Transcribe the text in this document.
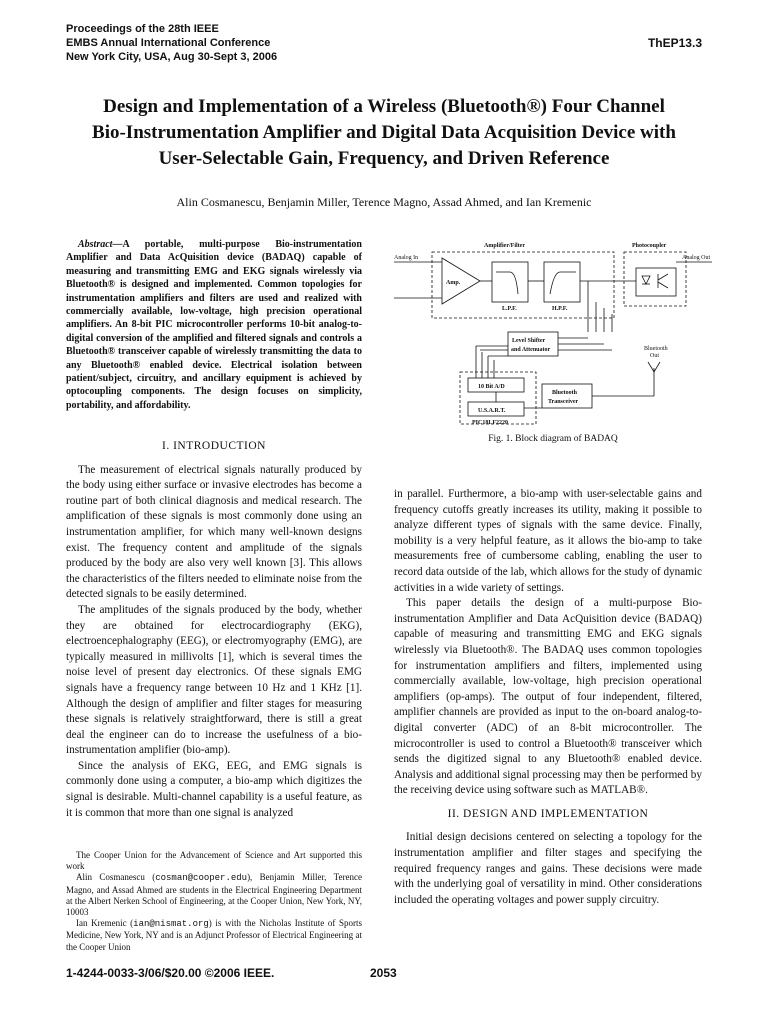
Proceedings of the 28th IEEE
EMBS Annual International Conference
New York City, USA, Aug 30-Sept 3, 2006
ThEP13.3
Design and Implementation of a Wireless (Bluetooth®) Four Channel
Bio-Instrumentation Amplifier and Digital Data Acquisition Device with
User-Selectable Gain, Frequency, and Driven Reference
Alin Cosmanescu, Benjamin Miller, Terence Magno, Assad Ahmed, and Ian Kremenic
Abstract—A portable, multi-purpose Bio-instrumentation Amplifier and Data AcQuisition device (BADAQ) capable of measuring and transmitting EMG and EKG signals wirelessly via Bluetooth® is designed and implemented. Common topologies for instrumentation amplifiers and filters are used and realized with commercially available, low-voltage, high precision operational amplifiers. An 8-bit PIC microcontroller performs 10-bit analog-to-digital conversion of the amplified and filtered signals and controls a Bluetooth® transceiver capable of wirelessly transmitting the data to any Bluetooth® enabled device. Electrical isolation between patient/subject, circuitry, and ancillary equipment is achieved by optocoupling components. The design focuses on simplicity, portability, and affordability.
Amplifier/Filter	Photocoupler
Analog In	Analog Out
Amp.
L.P.F.	H.P.F.
Level Shifter
and Attenuator
10 Bit A/D
U.S.A.R.T.
PIC18LF2220
Bluetooth
Transceiver
Bluetooth
Out
Fig. 1. Block diagram of BADAQ
I. INTRODUCTION

The measurement of electrical signals naturally produced by the body using either surface or invasive electrodes has become a routine part of both clinical diagnosis and medical research. The amplification of these signals is most commonly done using an instrumentation amplifier, for which many well-known designs exist. The frequency content and amplitude of the signals produced by the body are also very well known [3]. This allows the characteristics of the filters needed to eliminate noise from the detected signals to be easily determined.

The amplitudes of the signals produced by the body, whether they are obtained for electrocardiography (EKG), electroencephalography (EEG), or electromyography (EMG), are typically measured in millivolts [1], which is several times the noise level of present day electronics. Of these signals EMG signals have a frequency range between 10 Hz and 1 KHz [1]. Although the design of amplifier and filter stages for measuring these signals is relatively straightforward, there is still a great deal the engineer can do to increase the usefulness of a bio-instrumentation amplifier (bio-amp).

Since the analysis of EKG, EEG, and EMG signals is commonly done using a computer, a bio-amp which digitizes the signal is desirable. Multi-channel capability is a useful feature, as it is common that more than one signal is analyzed

The Cooper Union for the Advancement of Science and Art supported this work

Alin Cosmanescu (cosman@cooper.edu), Benjamin Miller, Terence Magno, and Assad Ahmed are students in the Electrical Engineering Department at the Albert Nerken School of Engineering, at the Cooper Union, New York, NY, 10003

Ian Kremenic (ian@nismat.org) is with the Nicholas Institute of Sports Medicine, New York, NY and is an Adjunct Professor of Electrical Engineering at the Cooper Union

in parallel. Furthermore, a bio-amp with user-selectable gains and frequency cutoffs greatly increases its utility, making it possible to analyze different types of signals with the same device. Finally, mobility is a very helpful feature, as it allows the bio-amp to take measurements free of cumbersome cabling, enabling the user to record data outside of the lab, which allows for the study of dynamic activities in a wide variety of settings.

This paper details the design of a multi-purpose Bio-instrumentation Amplifier and Data AcQuisition device (BADAQ) capable of measuring and transmitting EMG and EKG signals wirelessly via Bluetooth®. The BADAQ uses common topologies for instrumentation amplifiers and filters, implemented using commercially available, low-voltage, high precision operational amplifiers (op-amps). The output of four independent, filtered, amplifier channels are provided as input to the on-board analog-to-digital converter (ADC) of an 8-bit microcontroller. The microcontroller is used to control a Bluetooth® transceiver which sends the digitized signal to any Bluetooth® enabled device. Analysis and additional signal processing may then be performed by the receiving device using software such as MATLAB®.

II. DESIGN AND IMPLEMENTATION

Initial design decisions centered on selecting a topology for the instrumentation amplifier and filter stages and specifying the required frequency ranges and gains. These decisions were made with the underlying goal of versatility in mind. Other considerations included the operating voltages and power supply circuitry.

1-4244-0033-3/06/$20.00 ©2006 IEEE.	2053
